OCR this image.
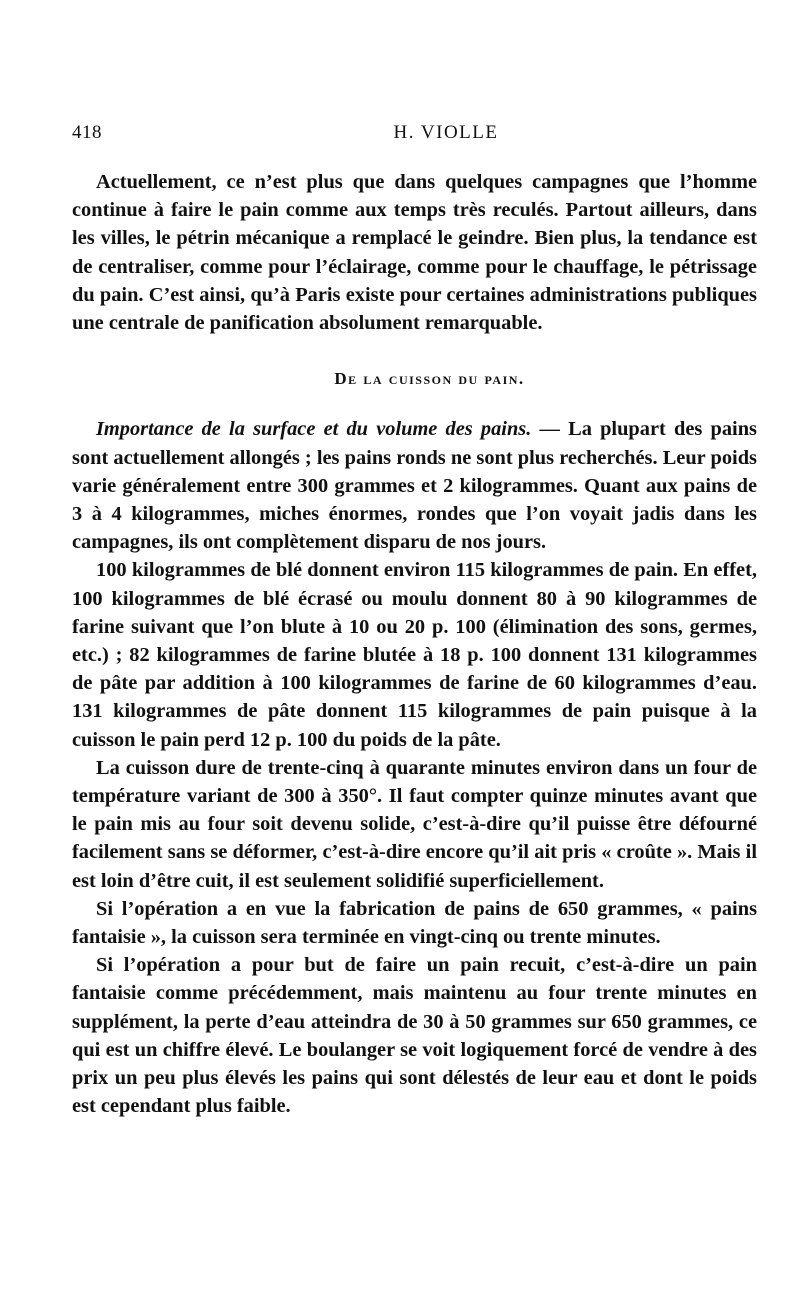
418	H. VIOLLE

Actuellement, ce n’est plus que dans quelques campagnes que l’homme continue à faire le pain comme aux temps très reculés. Partout ailleurs, dans les villes, le pétrin mécanique a remplacé le geindre. Bien plus, la tendance est de centraliser, comme pour l’éclairage, comme pour le chauffage, le pétrissage du pain. C’est ainsi, qu’à Paris existe pour certaines administrations publiques une centrale de panification absolument remarquable.

De la cuisson du pain.

Importance de la surface et du volume des pains. — La plupart des pains sont actuellement allongés ; les pains ronds ne sont plus recherchés. Leur poids varie généralement entre 300 grammes et 2 kilogrammes. Quant aux pains de 3 à 4 kilogrammes, miches énormes, rondes que l’on voyait jadis dans les campagnes, ils ont complètement disparu de nos jours.

100 kilogrammes de blé donnent environ 115 kilogrammes de pain. En effet, 100 kilogrammes de blé écrasé ou moulu donnent 80 à 90 kilogrammes de farine suivant que l’on blute à 10 ou 20 p. 100 (élimination des sons, germes, etc.) ; 82 kilogrammes de farine blutée à 18 p. 100 donnent 131 kilogrammes de pâte par addition à 100 kilogrammes de farine de 60 kilogrammes d’eau. 131 kilogrammes de pâte donnent 115 kilogrammes de pain puisque à la cuisson le pain perd 12 p. 100 du poids de la pâte.

La cuisson dure de trente-cinq à quarante minutes environ dans un four de température variant de 300 à 350°. Il faut compter quinze minutes avant que le pain mis au four soit devenu solide, c’est-à-dire qu’il puisse être défourné facilement sans se déformer, c’est-à-dire encore qu’il ait pris « croûte ». Mais il est loin d’être cuit, il est seulement solidifié superficiellement.

Si l’opération a en vue la fabrication de pains de 650 grammes, « pains fantaisie », la cuisson sera terminée en vingt-cinq ou trente minutes.

Si l’opération a pour but de faire un pain recuit, c’est-à-dire un pain fantaisie comme précédemment, mais maintenu au four trente minutes en supplément, la perte d’eau atteindra de 30 à 50 grammes sur 650 grammes, ce qui est un chiffre élevé. Le boulanger se voit logiquement forcé de vendre à des prix un peu plus élevés les pains qui sont délestés de leur eau et dont le poids est cependant plus faible.
